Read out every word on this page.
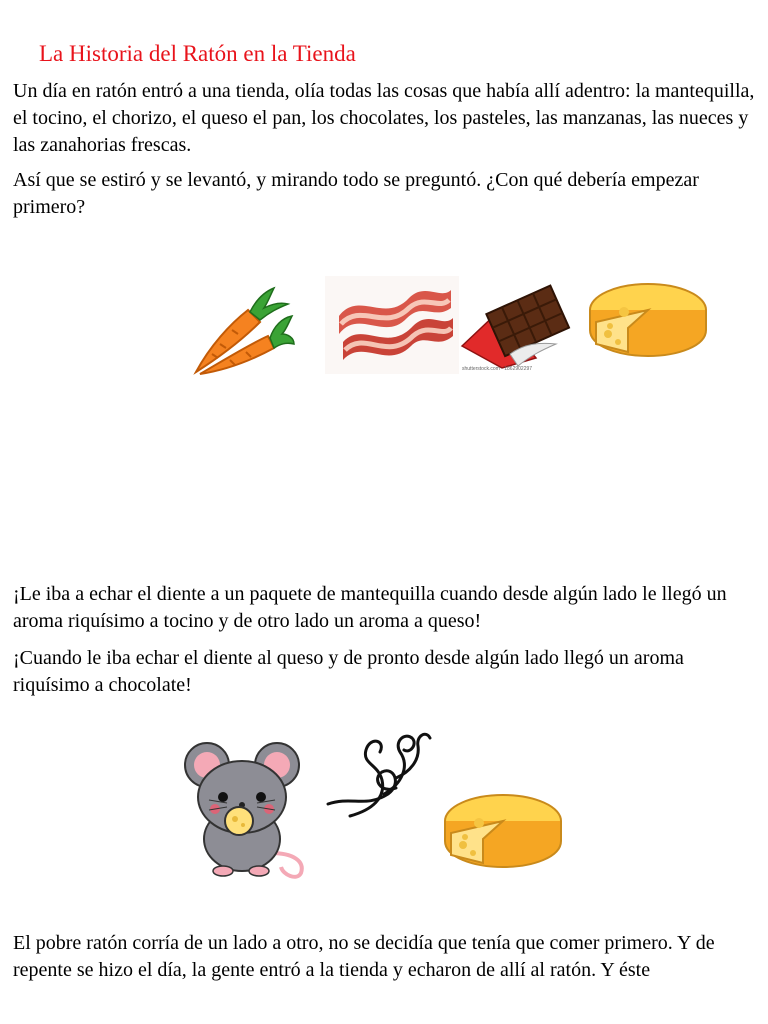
La Historia del Ratón en la Tienda

Un día en ratón entró a una tienda, olía todas las cosas que había allí adentro: la mantequilla, el tocino, el chorizo, el queso el pan, los chocolates, los pasteles, las manzanas, las nueces y las zanahorias frescas.

Así que se estiró y se levantó, y mirando todo se preguntó. ¿Con qué debería empezar primero?

shutterstock.com · 1862902297

¡Le iba a echar el diente a un paquete de mantequilla cuando desde algún lado le llegó un aroma riquísimo a tocino y de otro lado un aroma a queso!

¡Cuando le iba echar el diente al queso y de pronto desde algún lado llegó un aroma riquísimo a chocolate!

El pobre ratón corría de un lado a otro, no se decidía que tenía que comer primero. Y de repente se hizo el día, la gente entró a la tienda y echaron de allí al ratón. Y éste
